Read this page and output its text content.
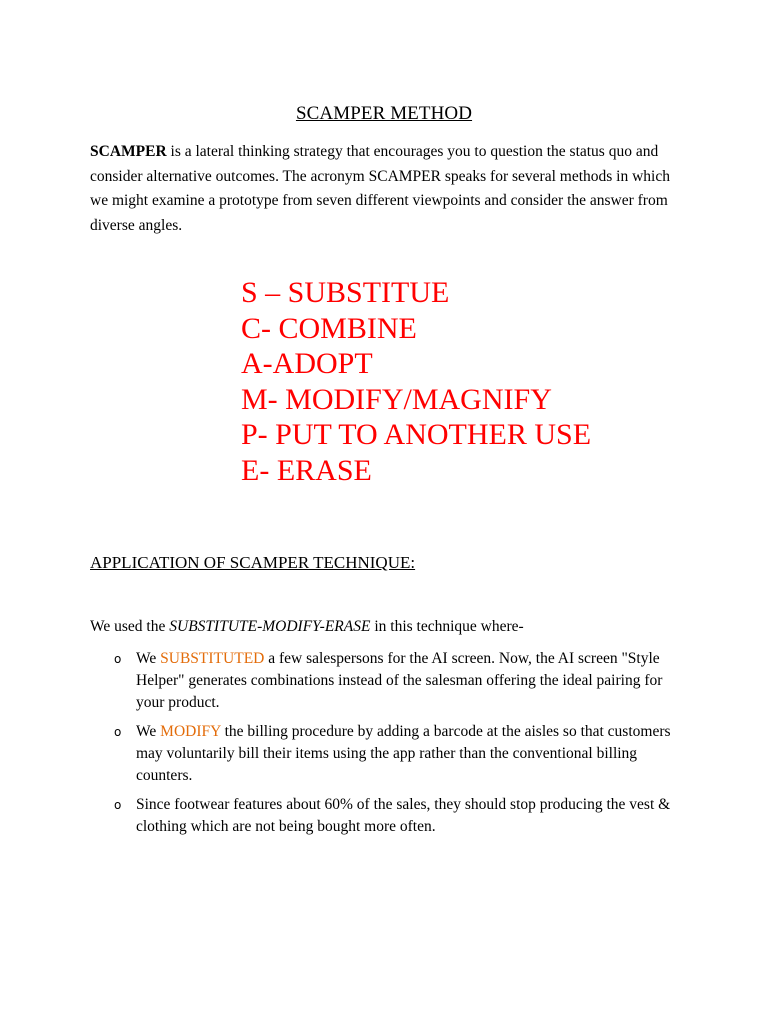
SCAMPER METHOD

SCAMPER is a lateral thinking strategy that encourages you to question the status quo and consider alternative outcomes. The acronym SCAMPER speaks for several methods in which we might examine a prototype from seven different viewpoints and consider the answer from diverse angles.

S – SUBSTITUE
C- COMBINE
A-ADOPT
M- MODIFY/MAGNIFY
P- PUT TO ANOTHER USE
E- ERASE
APPLICATION OF SCAMPER TECHNIQUE:
We used the SUBSTITUTE-MODIFY-ERASE in this technique where-
o We SUBSTITUTED a few salespersons for the AI screen. Now, the AI screen "Style Helper" generates combinations instead of the salesman offering the ideal pairing for your product.
o We MODIFY the billing procedure by adding a barcode at the aisles so that customers may voluntarily bill their items using the app rather than the conventional billing counters.
o Since footwear features about 60% of the sales, they should stop producing the vest & clothing which are not being bought more often.
